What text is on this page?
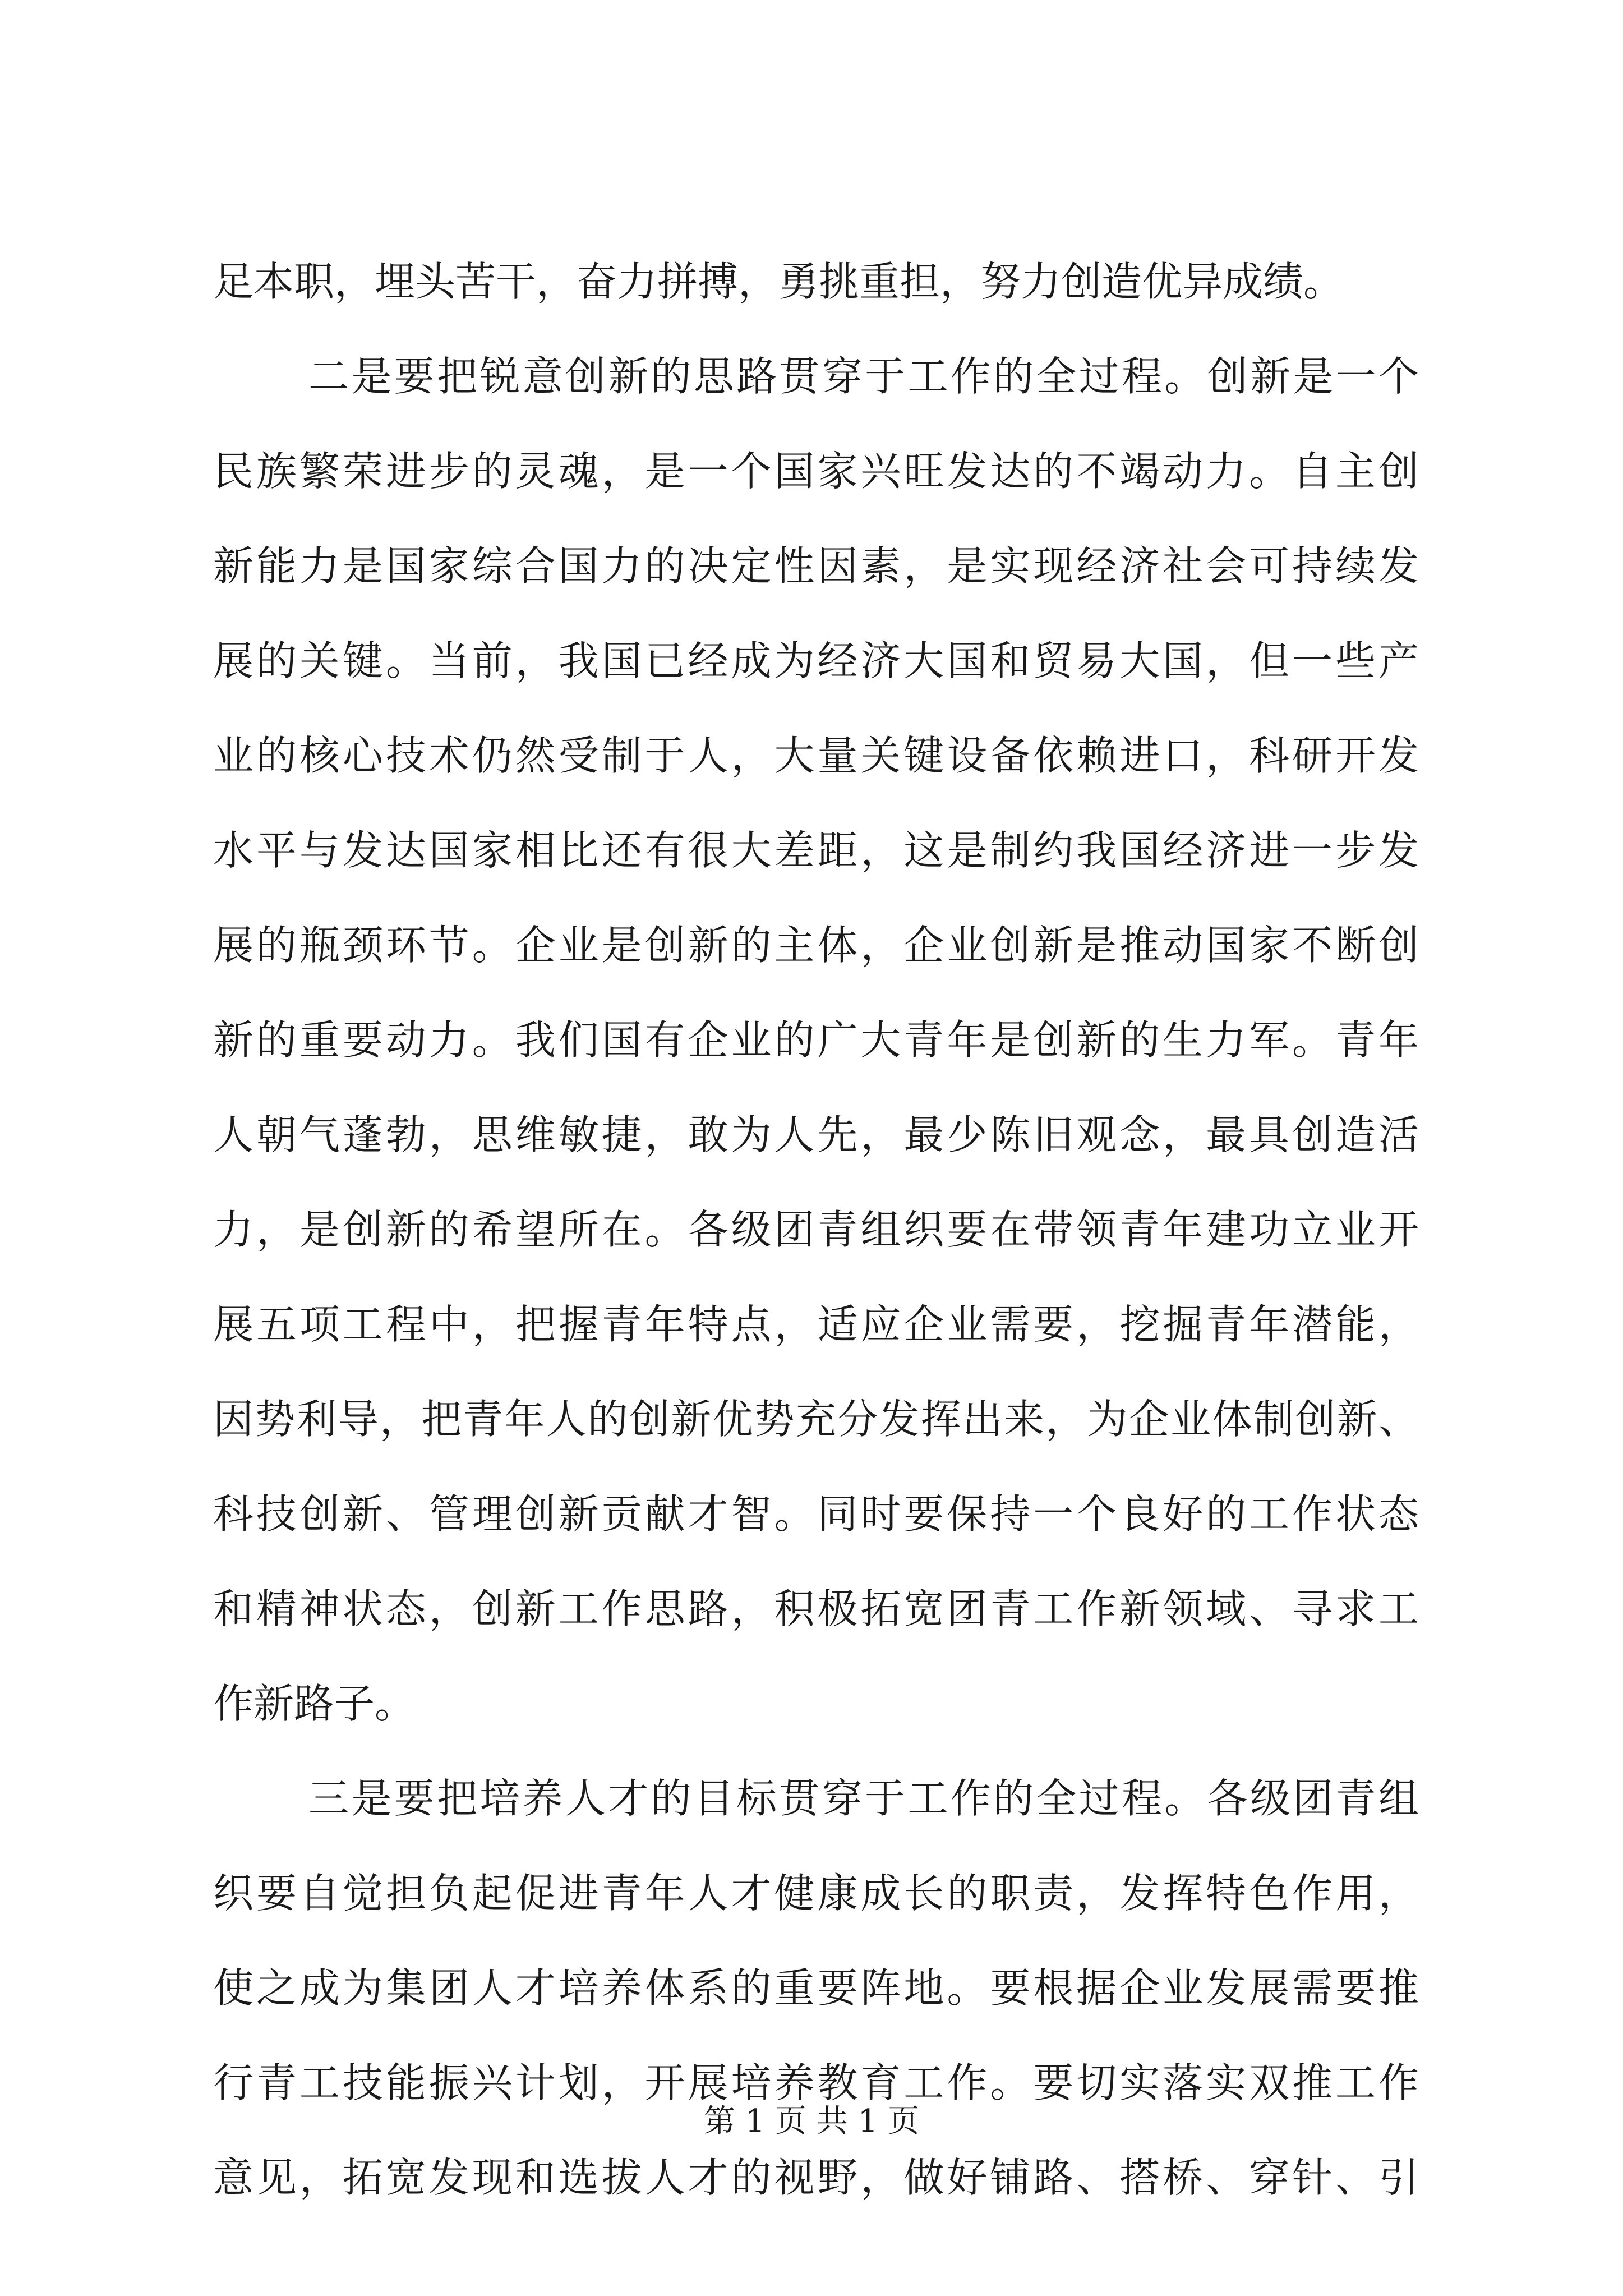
足本职，埋头苦干，奋力拼搏，勇挑重担，努力创造优异成绩。
二是要把锐意创新的思路贯穿于工作的全过程。创新是一个
民族繁荣进步的灵魂，是一个国家兴旺发达的不竭动力。自主创
新能力是国家综合国力的决定性因素，是实现经济社会可持续发
展的关键。当前，我国已经成为经济大国和贸易大国，但一些产
业的核心技术仍然受制于人，大量关键设备依赖进口，科研开发
水平与发达国家相比还有很大差距，这是制约我国经济进一步发
展的瓶颈环节。企业是创新的主体，企业创新是推动国家不断创
新的重要动力。我们国有企业的广大青年是创新的生力军。青年
人朝气蓬勃，思维敏捷，敢为人先，最少陈旧观念，最具创造活
力，是创新的希望所在。各级团青组织要在带领青年建功立业开
展五项工程中，把握青年特点，适应企业需要，挖掘青年潜能，
因势利导，把青年人的创新优势充分发挥出来，为企业体制创新、
科技创新、管理创新贡献才智。同时要保持一个良好的工作状态
和精神状态，创新工作思路，积极拓宽团青工作新领域、寻求工
作新路子。
三是要把培养人才的目标贯穿于工作的全过程。各级团青组
织要自觉担负起促进青年人才健康成长的职责，发挥特色作用，
使之成为集团人才培养体系的重要阵地。要根据企业发展需要推
行青工技能振兴计划，开展培养教育工作。要切实落实双推工作
意见，拓宽发现和选拔人才的视野，做好铺路、搭桥、穿针、引
第 1 页 共 1 页
